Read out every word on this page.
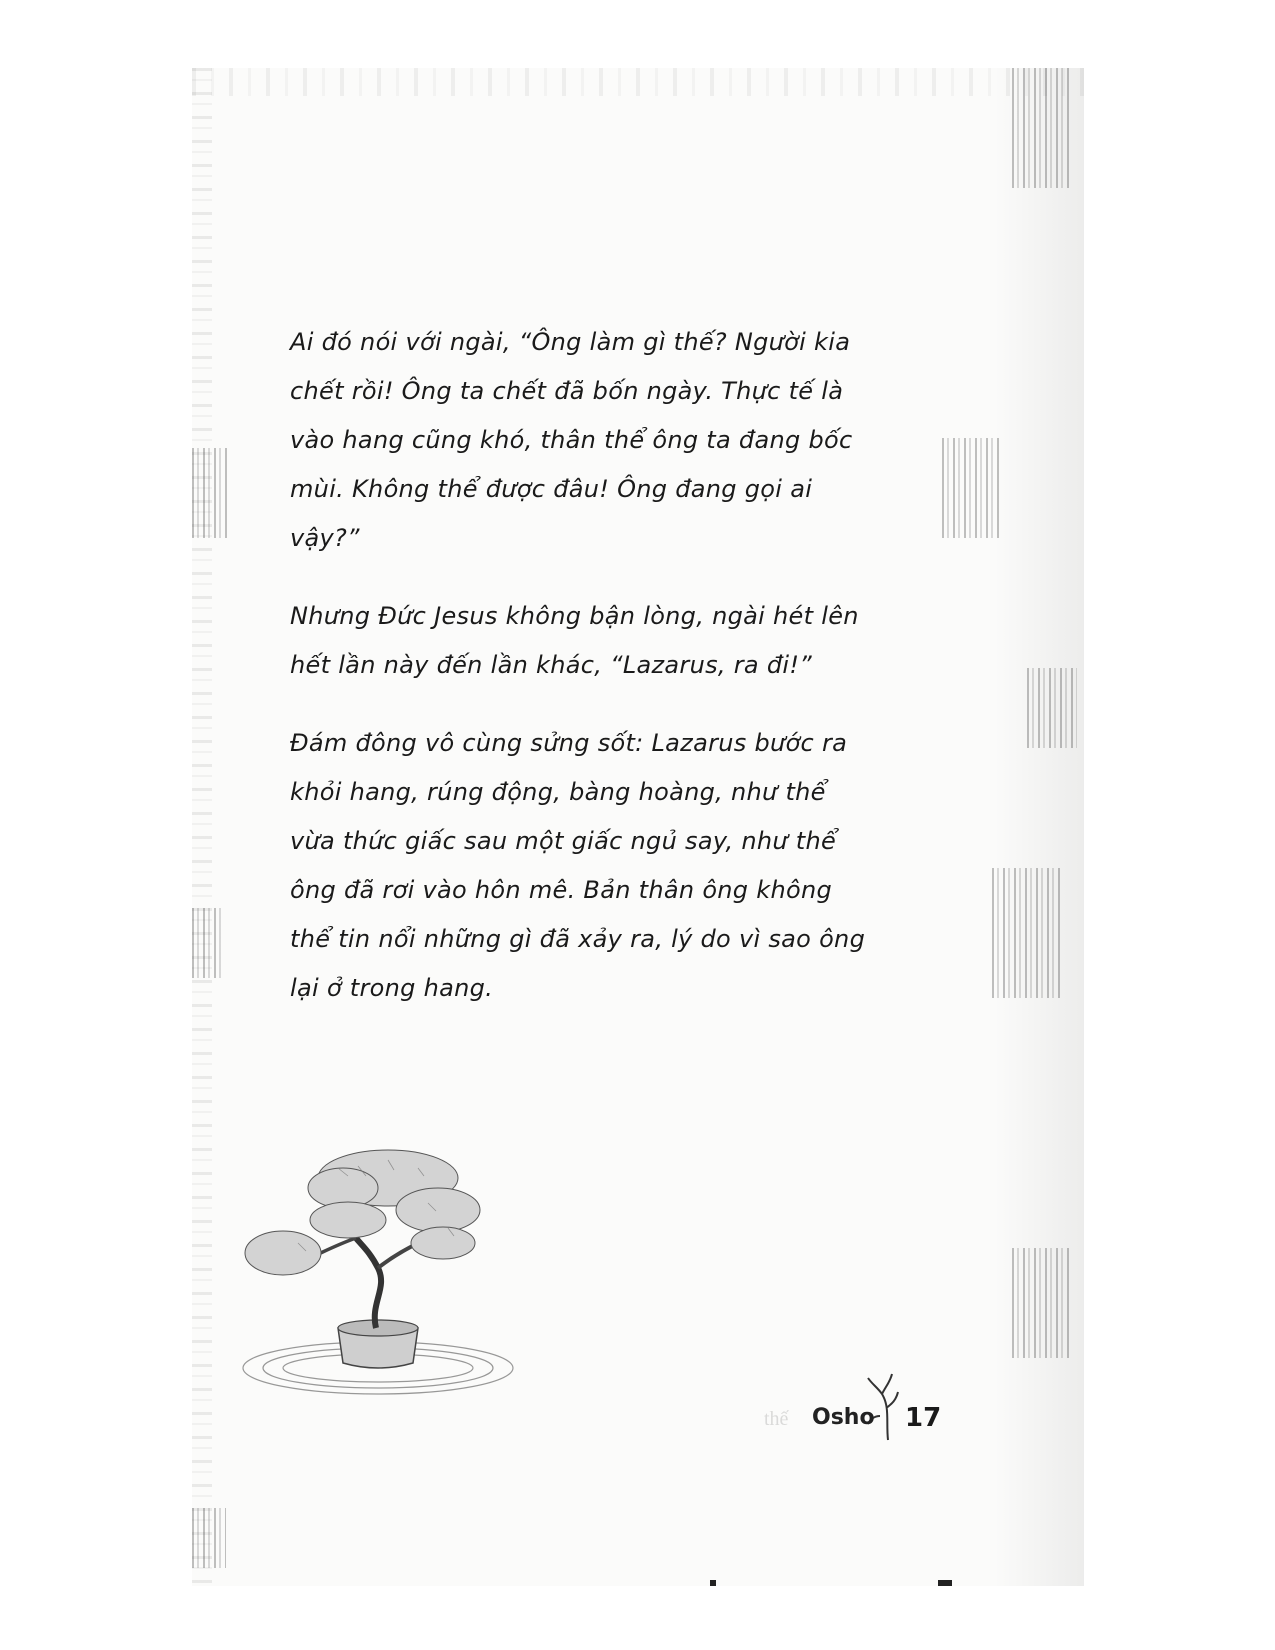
Ai đó nói với ngài, “Ông làm gì thế? Người kia chết rồi! Ông ta chết đã bốn ngày. Thực tế là vào hang cũng khó, thân thể ông ta đang bốc mùi. Không thể được đâu! Ông đang gọi ai vậy?”

Nhưng Đức Jesus không bận lòng, ngài hét lên hết lần này đến lần khác, “Lazarus, ra đi!”

Đám đông vô cùng sửng sốt: Lazarus bước ra khỏi hang, rúng động, bàng hoàng, như thể vừa thức giấc sau một giấc ngủ say, như thể ông đã rơi vào hôn mê. Bản thân ông không thể tin nổi những gì đã xảy ra, lý do vì sao ông lại ở trong hang.

thế Osho 17
